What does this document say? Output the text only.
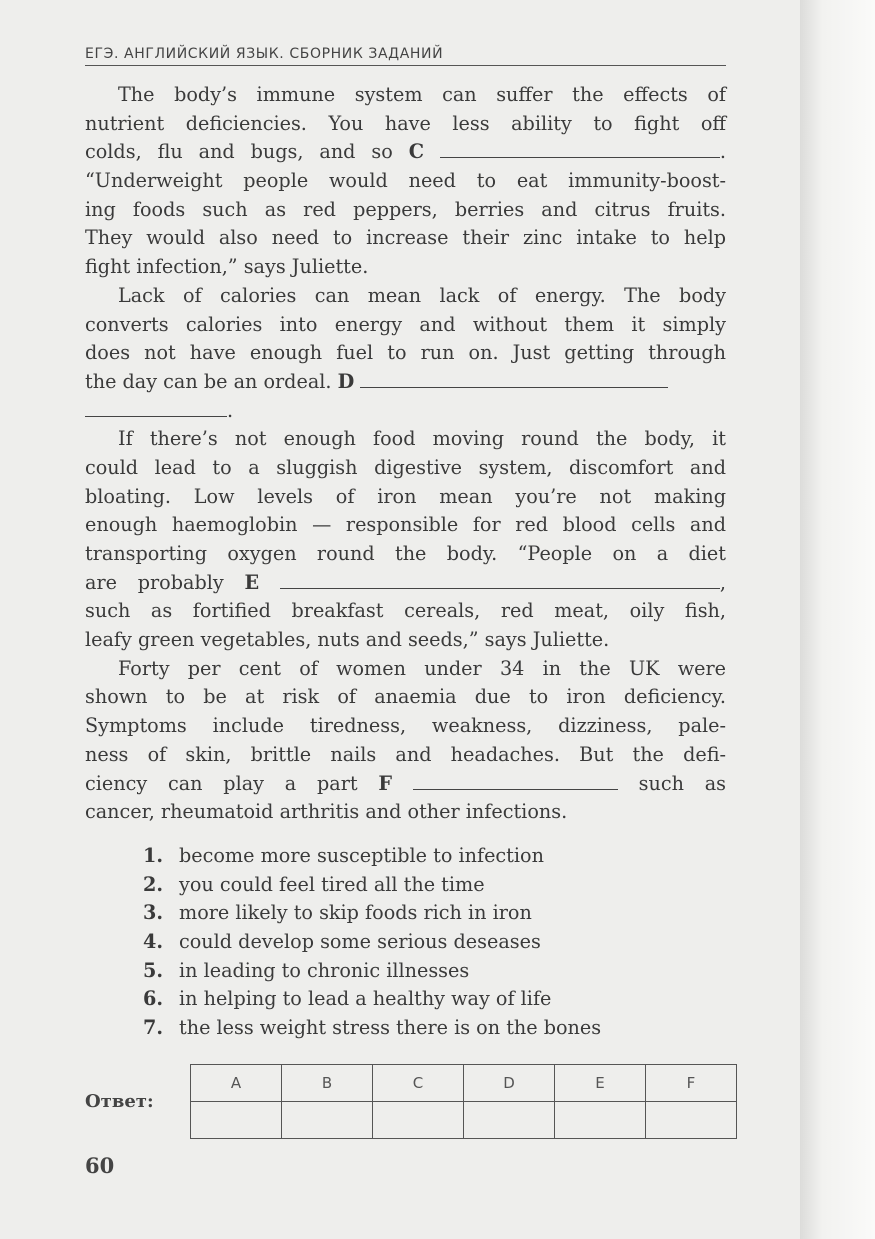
ЕГЭ. АНГЛИЙСКИЙ ЯЗЫК. СБОРНИК ЗАДАНИЙ
The body’s immune system can suffer the effects of
nutrient deficiencies. You have less ability to fight off
colds, flu and bugs, and so C	.
“Underweight people would need to eat immunity-boost-
ing foods such as red peppers, berries and citrus fruits.
They would also need to increase their zinc intake to help
fight infection,” says Juliette.
Lack of calories can mean lack of energy. The body
converts calories into energy and without them it simply
does not have enough fuel to run on. Just getting through
the day can be an ordeal. D
.
If there’s not enough food moving round the body, it
could lead to a sluggish digestive system, discomfort and
bloating. Low levels of iron mean you’re not making
enough haemoglobin — responsible for red blood cells and
transporting oxygen round the body. “People on a diet
are probably E	,
such as fortified breakfast cereals, red meat, oily fish,
leafy green vegetables, nuts and seeds,” says Juliette.
Forty per cent of women under 34 in the UK were
shown to be at risk of anaemia due to iron deficiency.
Symptoms include tiredness, weakness, dizziness, pale-
ness of skin, brittle nails and headaches. But the defi-
ciency can play a part F	such as
cancer, rheumatoid arthritis and other infections.
1. become more susceptible to infection
2. you could feel tired all the time
3. more likely to skip foods rich in iron
4. could develop some serious deseases
5. in leading to chronic illnesses
6. in helping to lead a healthy way of life
7. the less weight stress there is on the bones
Ответ:
A	B	C	D	E	F

60
